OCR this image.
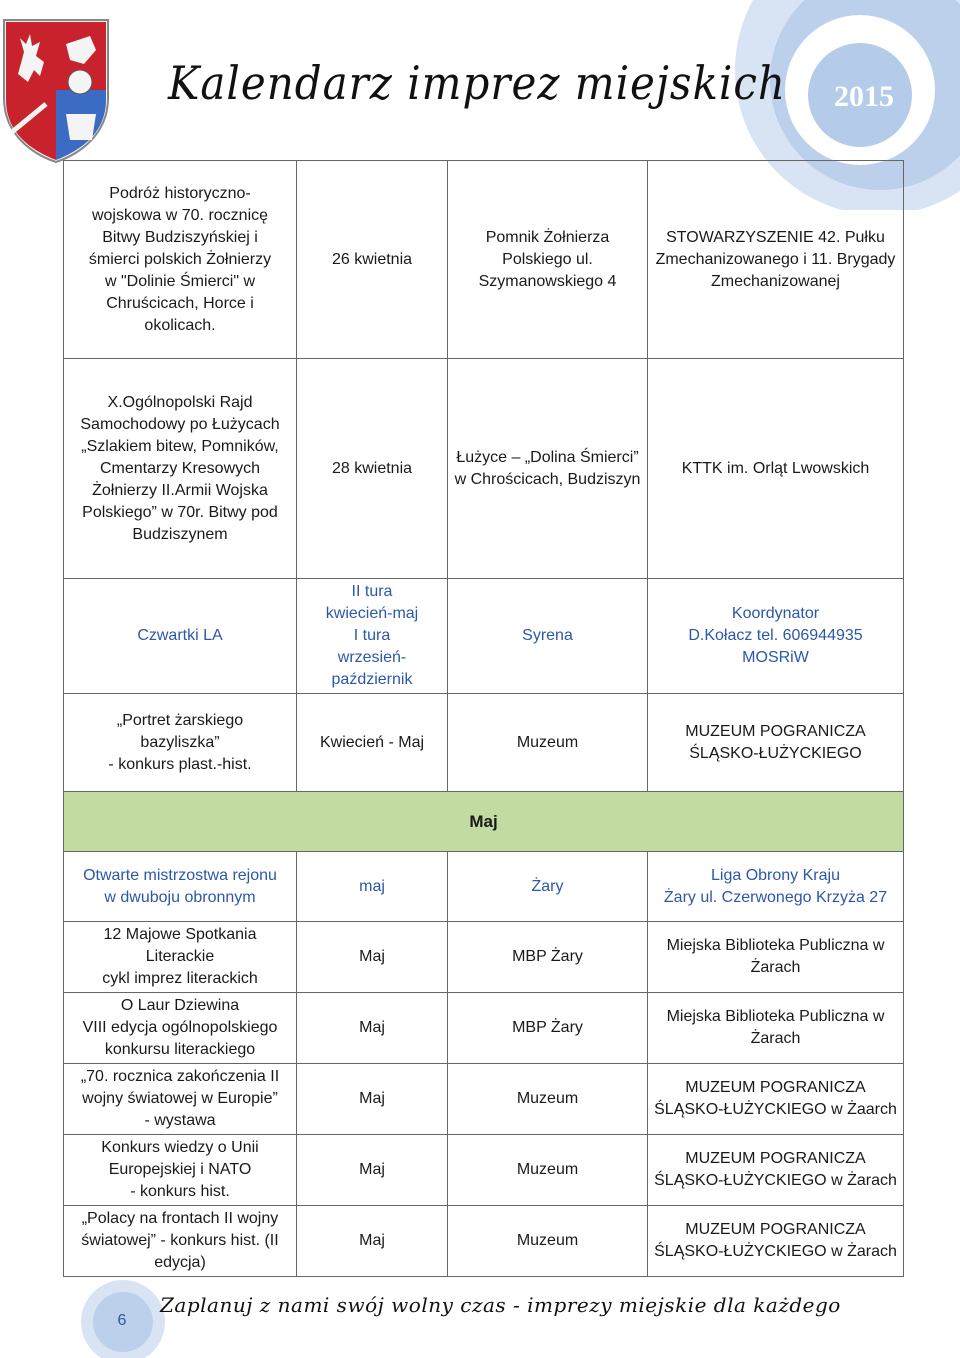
Kalendarz imprez miejskich 2015
Podróż historyczno-wojskowa w 70. rocznicę Bitwy Budziszyńskiej i śmierci polskich Żołnierzy w "Dolinie Śmierci" w Chruścicach, Horce i okolicach.	26 kwietnia	Pomnik Żołnierza Polskiego ul. Szymanowskiego 4	STOWARZYSZENIE 42. Pułku Zmechanizowanego i 11. Brygady Zmechanizowanej
X.Ogólnopolski Rajd Samochodowy po Łużycach „Szlakiem bitew, Pomników, Cmentarzy Kresowych Żołnierzy II.Armii Wojska Polskiego” w 70r. Bitwy pod Budziszynem	28 kwietnia	Łużyce – „Dolina Śmierci” w Chrościcach, Budziszyn	KTTK im. Orląt Lwowskich
Czwartki LA	II tura
kwiecień-maj
I tura
wrzesień-
październik	Syrena	Koordynator
D.Kołacz tel. 606944935
MOSRiW

„Portret żarskiego
bazyliszka”
- konkurs plast.-hist.	Kwiecień - Maj	Muzeum	MUZEUM POGRANICZA
ŚLĄSKO-ŁUŻYCKIEGO

Maj			

Otwarte mistrzostwa rejonu
w dwuboju obronnym	maj	Żary	Liga Obrony Kraju
Żary ul. Czerwonego Krzyża 27

12 Majowe Spotkania
Literackie
cykl imprez literackich	Maj	MBP Żary	Miejska Biblioteka Publiczna w
Żarach

O Laur Dziewina
VIII edycja ogólnopolskiego
konkursu literackiego	Maj	MBP Żary	Miejska Biblioteka Publiczna w
Żarach

„70. rocznica zakończenia II
wojny światowej w Europie”
- wystawa	Maj	Muzeum	MUZEUM POGRANICZA
ŚLĄSKO-ŁUŻYCKIEGO w Żaarch

Konkurs wiedzy o Unii
Europejskiej i NATO
- konkurs hist.	Maj	Muzeum	MUZEUM POGRANICZA
ŚLĄSKO-ŁUŻYCKIEGO w Żarach

„Polacy na frontach II wojny
światowej” - konkurs hist. (II
edycja)	Maj	Muzeum	MUZEUM POGRANICZA
ŚLĄSKO-ŁUŻYCKIEGO w Żarach
6
Zaplanuj z nami swój wolny czas - imprezy miejskie dla każdego
